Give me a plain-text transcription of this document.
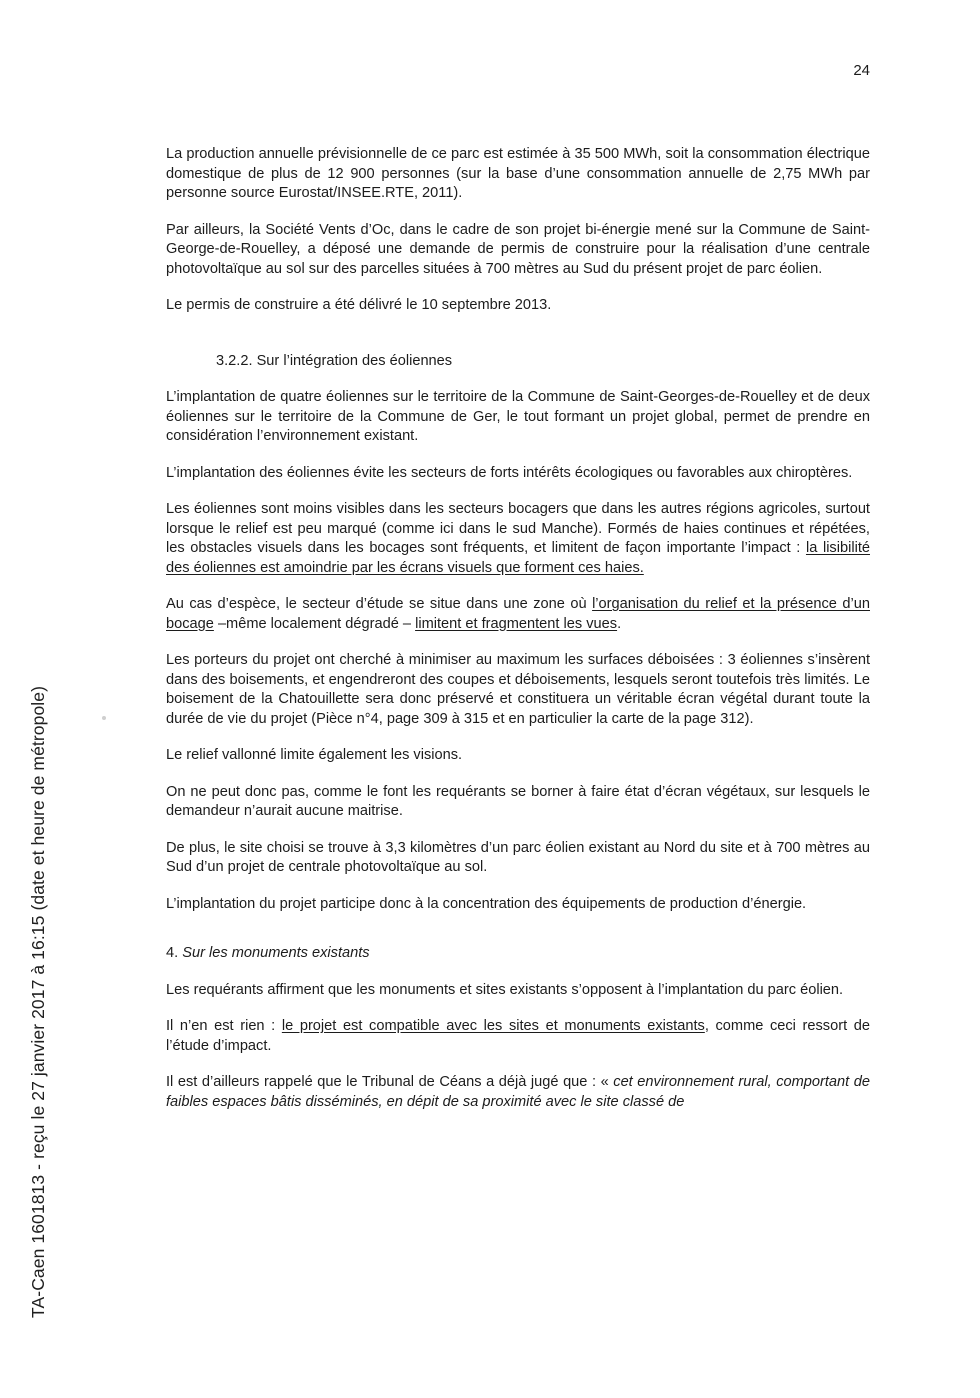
24

La production annuelle prévisionnelle de ce parc est estimée à 35 500 MWh, soit la consommation électrique domestique de plus de 12 900 personnes (sur la base d’une consommation annuelle de 2,75 MWh par personne source Eurostat/INSEE.RTE, 2011).

Par ailleurs, la Société Vents d’Oc, dans le cadre de son projet bi-énergie mené sur la Commune de Saint-George-de-Rouelley, a déposé une demande de permis de construire pour la réalisation d’une centrale photovoltaïque au sol sur des parcelles situées à 700 mètres au Sud du présent projet de parc éolien.

Le permis de construire a été délivré le 10 septembre 2013.

3.2.2. Sur l’intégration des éoliennes

L’implantation de quatre éoliennes sur le territoire de la Commune de Saint-Georges-de-Rouelley et de deux éoliennes sur le territoire de la Commune de Ger, le tout formant un projet global, permet de prendre en considération l’environnement existant.

L’implantation des éoliennes évite les secteurs de forts intérêts écologiques ou favorables aux chiroptères.

Les éoliennes sont moins visibles dans les secteurs bocagers que dans les autres régions agricoles, surtout lorsque le relief est peu marqué (comme ici dans le sud Manche). Formés de haies continues et répétées, les obstacles visuels dans les bocages sont fréquents, et limitent de façon importante l’impact : la lisibilité des éoliennes est amoindrie par les écrans visuels que forment ces haies.

Au cas d’espèce, le secteur d’étude se situe dans une zone où l’organisation du relief et la présence d’un bocage –même localement dégradé – limitent et fragmentent les vues.

Les porteurs du projet ont cherché à minimiser au maximum les surfaces déboisées : 3 éoliennes s’insèrent dans des boisements, et engendreront des coupes et déboisements, lesquels seront toutefois très limités. Le boisement de la Chatouillette sera donc préservé et constituera un véritable écran végétal durant toute la durée de vie du projet (Pièce n°4, page 309 à 315 et en particulier la carte de la page 312).

Le relief vallonné limite également les visions.

On ne peut donc pas, comme le font les requérants se borner à faire état d’écran végétaux, sur lesquels le demandeur n’aurait aucune maitrise.

De plus, le site choisi se trouve à 3,3 kilomètres d’un parc éolien existant au Nord du site et à 700 mètres au Sud d’un projet de centrale photovoltaïque au sol.

L’implantation du projet participe donc à la concentration des équipements de production d’énergie.

4. Sur les monuments existants

Les requérants affirment que les monuments et sites existants s’opposent à l’implantation du parc éolien.

Il n’en est rien : le projet est compatible avec les sites et monuments existants, comme ceci ressort de l’étude d’impact.

Il est d’ailleurs rappelé que le Tribunal de Céans a déjà jugé que : « cet environnement rural, comportant de faibles espaces bâtis disséminés, en dépit de sa proximité avec le site classé de

TA-Caen 1601813 - reçu le 27 janvier 2017 à 16:15 (date et heure de métropole)
